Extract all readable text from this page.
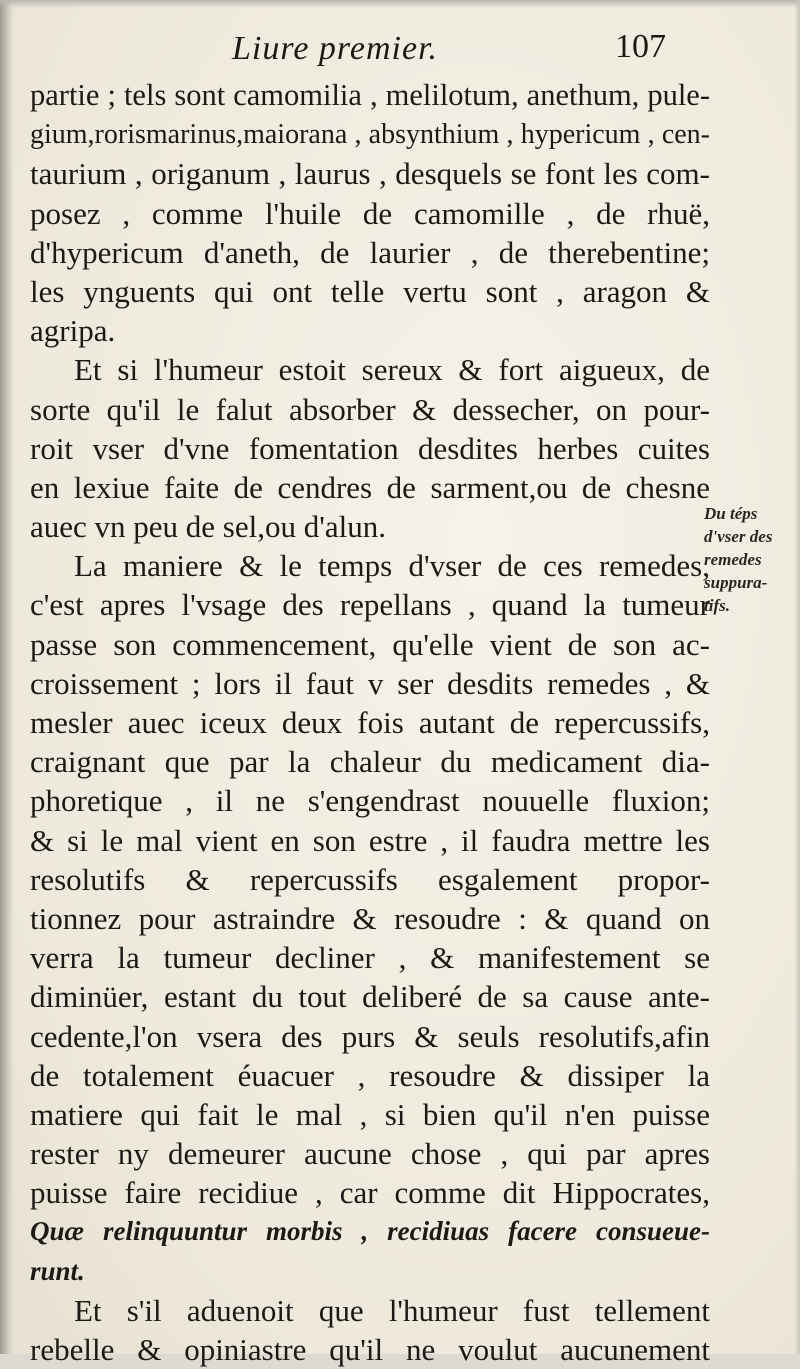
Liure premier.	107
partie ; tels sont camomilia , melilotum, anethum, pule-
gium,rorismarinus,maiorana , absynthium , hypericum , cen-
taurium , origanum , laurus , desquels se font les com-
posez , comme l'huile de camomille , de rhuë,
d'hypericum d'aneth, de laurier , de therebentine;
les ynguents qui ont telle vertu sont , aragon &
agripa.
Et si l'humeur estoit sereux & fort aigueux, de
sorte qu'il le falut absorber & dessecher, on pour-
roit vser d'vne fomentation desdites herbes cuites
en lexiue faite de cendres de sarment,ou de chesne
auec vn peu de sel,ou d'alun.
La maniere & le temps d'vser de ces remedes,
c'est apres l'vsage des repellans , quand la tumeur
passe son commencement, qu'elle vient de son ac-
croissement ; lors il faut v ser desdits remedes , &
mesler auec iceux deux fois autant de repercussifs,
craignant que par la chaleur du medicament dia-
phoretique , il ne s'engendrast nouuelle fluxion;
& si le mal vient en son estre , il faudra mettre les
resolutifs & repercussifs esgalement propor-
tionnez pour astraindre & resoudre : & quand on
verra la tumeur decliner , & manifestement se
diminüer, estant du tout deliberé de sa cause ante-
cedente,l'on vsera des purs & seuls resolutifs,afin
de totalement éuacuer , resoudre & dissiper la
matiere qui fait le mal , si bien qu'il n'en puisse
rester ny demeurer aucune chose , qui par apres
puisse faire recidiue , car comme dit Hippocrates,
Quæ relinquuntur morbis , recidiuas facere consueue-
runt.
Et s'il aduenoit que l'humeur fust tellement
rebelle & opiniastre qu'il ne voulut aucunement
Du téps
d'vser des
remedes
suppura-
tifs.
